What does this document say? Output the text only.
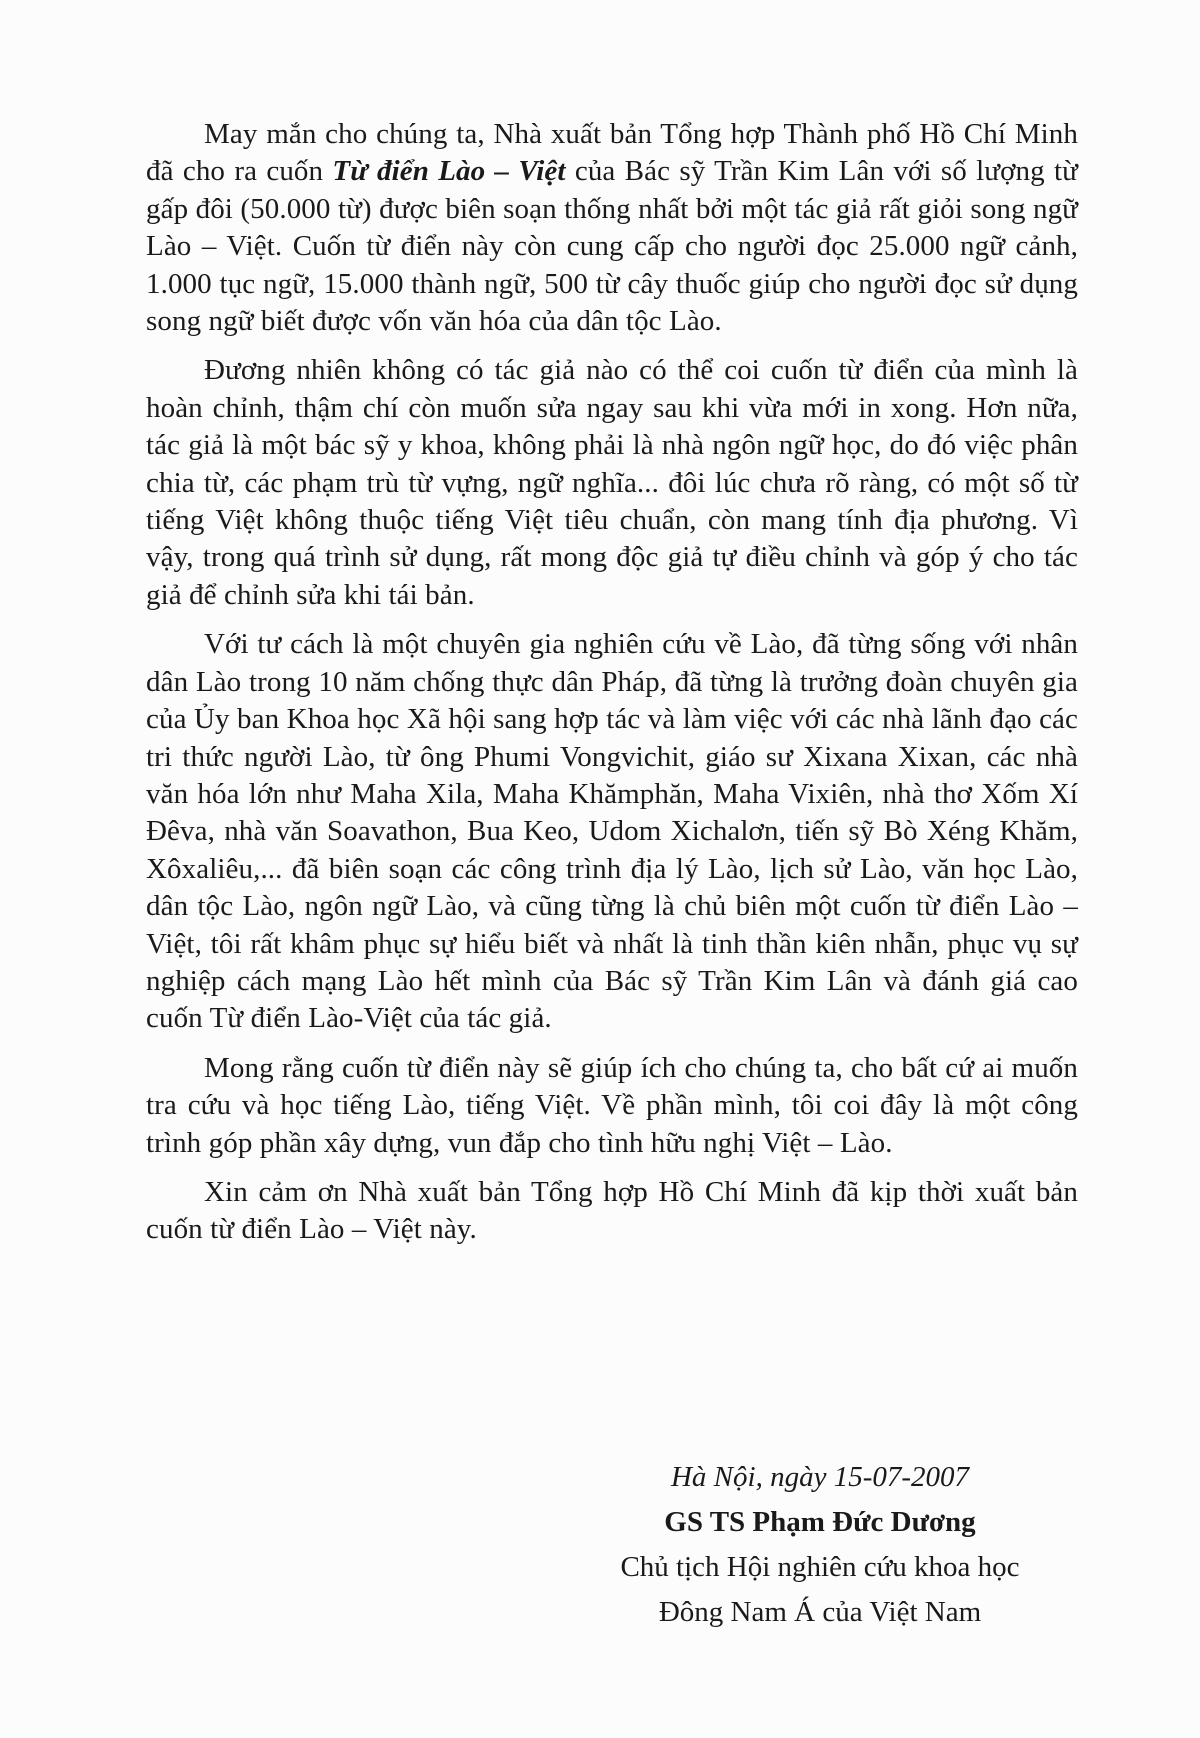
May mắn cho chúng ta, Nhà xuất bản Tổng hợp Thành phố Hồ Chí Minh đã cho ra cuốn Từ điển Lào – Việt của Bác sỹ Trần Kim Lân với số lượng từ gấp đôi (50.000 từ) được biên soạn thống nhất bởi một tác giả rất giỏi song ngữ Lào – Việt. Cuốn từ điển này còn cung cấp cho người đọc 25.000 ngữ cảnh, 1.000 tục ngữ, 15.000 thành ngữ, 500 từ cây thuốc giúp cho người đọc sử dụng song ngữ biết được vốn văn hóa của dân tộc Lào.

Đương nhiên không có tác giả nào có thể coi cuốn từ điển của mình là hoàn chỉnh, thậm chí còn muốn sửa ngay sau khi vừa mới in xong. Hơn nữa, tác giả là một bác sỹ y khoa, không phải là nhà ngôn ngữ học, do đó việc phân chia từ, các phạm trù từ vựng, ngữ nghĩa... đôi lúc chưa rõ ràng, có một số từ tiếng Việt không thuộc tiếng Việt tiêu chuẩn, còn mang tính địa phương. Vì vậy, trong quá trình sử dụng, rất mong độc giả tự điều chỉnh và góp ý cho tác giả để chỉnh sửa khi tái bản.

Với tư cách là một chuyên gia nghiên cứu về Lào, đã từng sống với nhân dân Lào trong 10 năm chống thực dân Pháp, đã từng là trưởng đoàn chuyên gia của Ủy ban Khoa học Xã hội sang hợp tác và làm việc với các nhà lãnh đạo các tri thức người Lào, từ ông Phumi Vongvichit, giáo sư Xixana Xixan, các nhà văn hóa lớn như Maha Xila, Maha Khămphăn, Maha Vixiên, nhà thơ Xốm Xí Đêva, nhà văn Soavathon, Bua Keo, Udom Xichalơn, tiến sỹ Bò Xéng Khăm, Xôxaliêu,... đã biên soạn các công trình địa lý Lào, lịch sử Lào, văn học Lào, dân tộc Lào, ngôn ngữ Lào, và cũng từng là chủ biên một cuốn từ điển Lào – Việt, tôi rất khâm phục sự hiểu biết và nhất là tinh thần kiên nhẫn, phục vụ sự nghiệp cách mạng Lào hết mình của Bác sỹ Trần Kim Lân và đánh giá cao cuốn Từ điển Lào-Việt của tác giả.

Mong rằng cuốn từ điển này sẽ giúp ích cho chúng ta, cho bất cứ ai muốn tra cứu và học tiếng Lào, tiếng Việt. Về phần mình, tôi coi đây là một công trình góp phần xây dựng, vun đắp cho tình hữu nghị Việt – Lào.

Xin cảm ơn Nhà xuất bản Tổng hợp Hồ Chí Minh đã kịp thời xuất bản cuốn từ điển Lào – Việt này.

Hà Nội, ngày 15-07-2007
GS TS Phạm Đức Dương
Chủ tịch Hội nghiên cứu khoa học
Đông Nam Á của Việt Nam
